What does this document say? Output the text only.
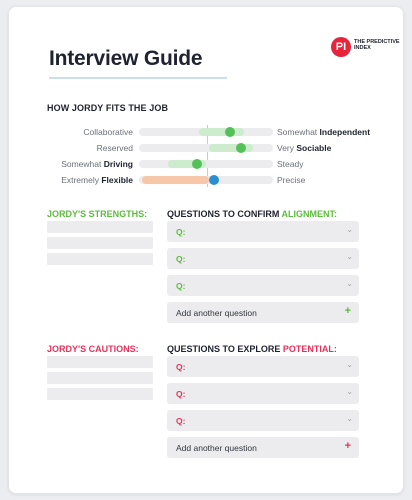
Interview Guide	PI	THE PREDICTIVE INDEX
HOW JORDY FITS THE JOB
Collaborative	Somewhat Independent
Reserved	Very Sociable
Somewhat Driving	Steady
Extremely Flexible	Precise
JORDY'S STRENGTHS: QUESTIONS TO CONFIRM ALIGNMENT:
Q:	⌄
Q:	⌄
Q:	⌄
Add another question	+
JORDY'S CAUTIONS:	QUESTIONS TO EXPLORE POTENTIAL:
Q:	⌄
Q:	⌄
Q:	⌄
Add another question	+
